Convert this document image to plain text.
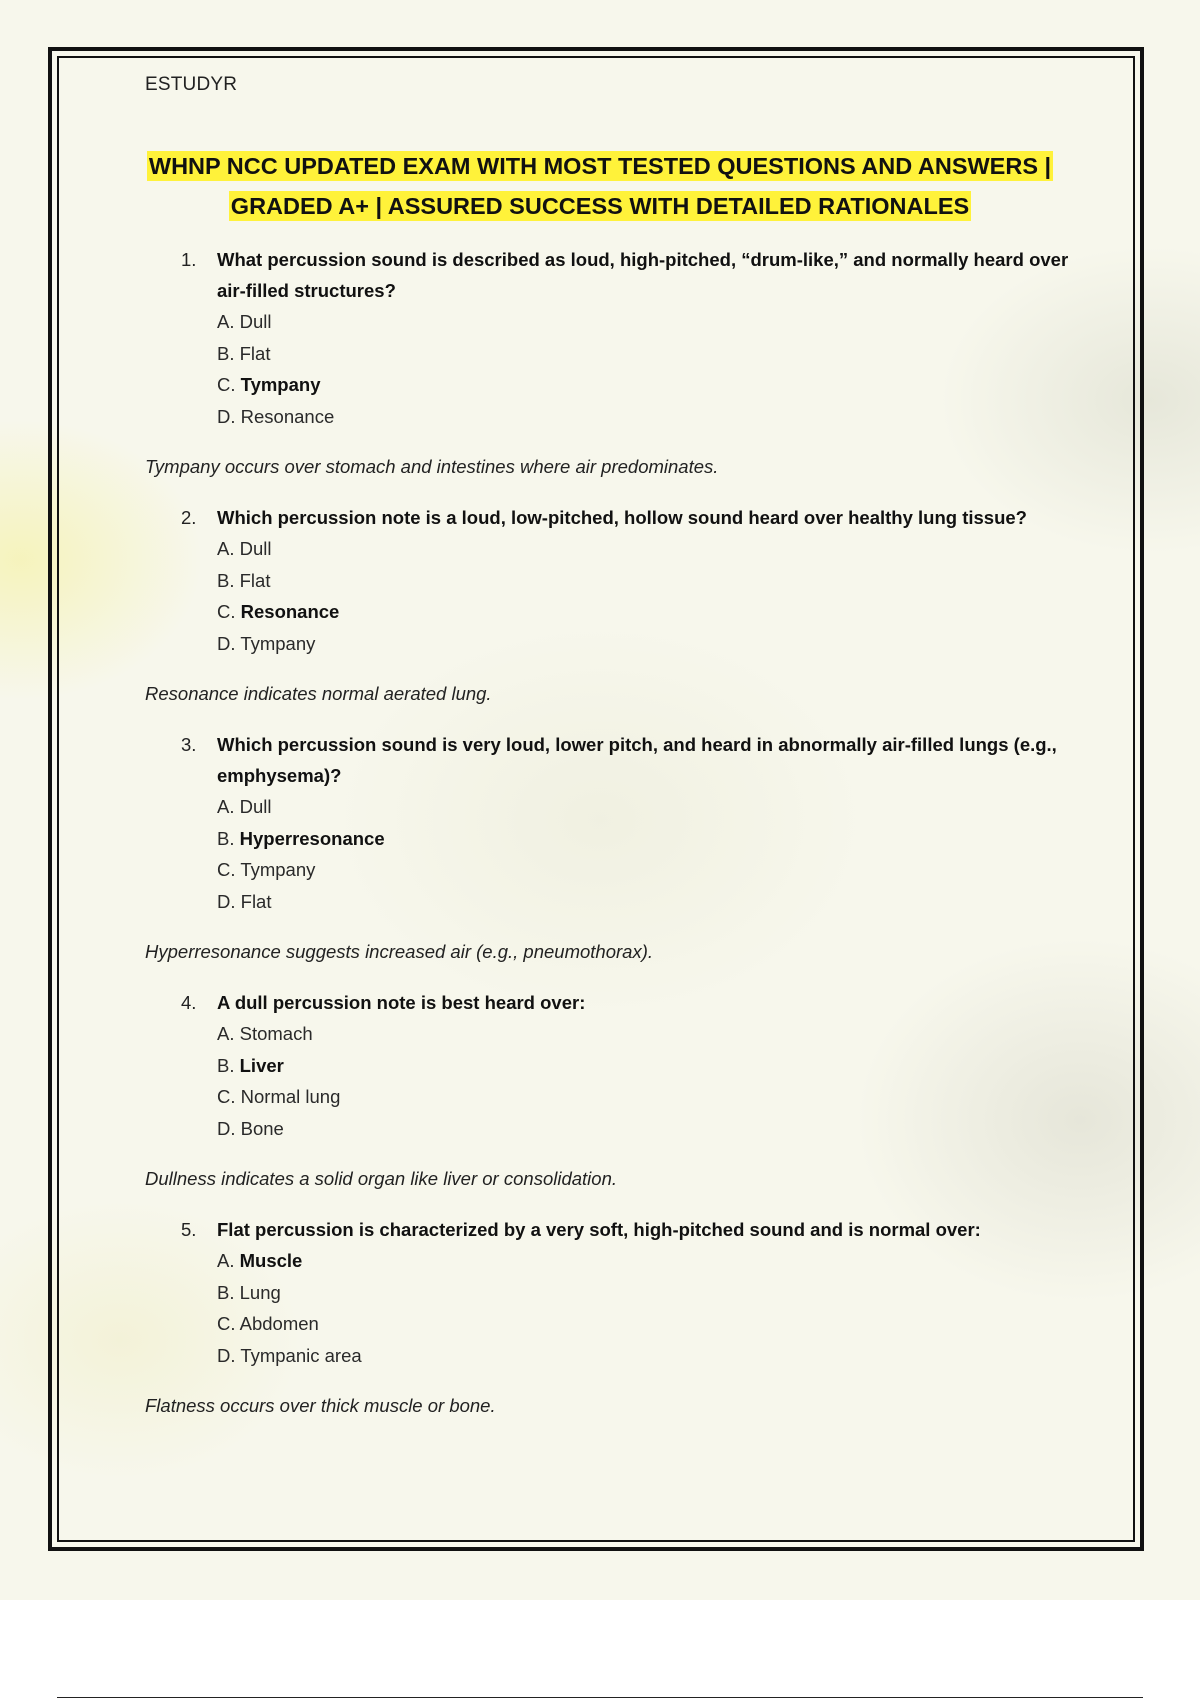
ESTUDYR
WHNP NCC UPDATED EXAM WITH MOST TESTED QUESTIONS AND ANSWERS |
GRADED A+ | ASSURED SUCCESS WITH DETAILED RATIONALES
1. What percussion sound is described as loud, high-pitched, “drum-like,” and normally heard over air-filled structures?
A. Dull
B. Flat
C. Tympany
D. Resonance
Tympany occurs over stomach and intestines where air predominates.
2. Which percussion note is a loud, low-pitched, hollow sound heard over healthy lung tissue?
A. Dull
B. Flat
C. Resonance
D. Tympany
Resonance indicates normal aerated lung.
3. Which percussion sound is very loud, lower pitch, and heard in abnormally air-filled lungs (e.g., emphysema)?
A. Dull
B. Hyperresonance
C. Tympany
D. Flat
Hyperresonance suggests increased air (e.g., pneumothorax).
4. A dull percussion note is best heard over:
A. Stomach
B. Liver
C. Normal lung
D. Bone
Dullness indicates a solid organ like liver or consolidation.
5. Flat percussion is characterized by a very soft, high-pitched sound and is normal over:
A. Muscle
B. Lung
C. Abdomen
D. Tympanic area
Flatness occurs over thick muscle or bone.
